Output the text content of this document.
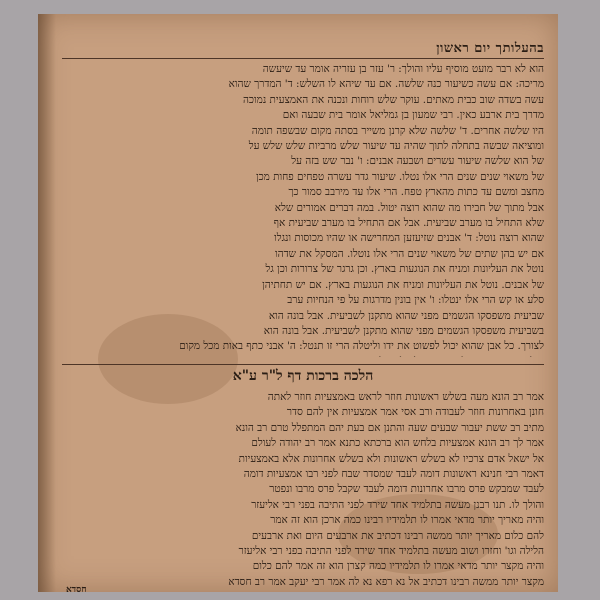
בהעלותך יום ראשון
הוא לא רבר מועט מוסיף עליו והולך: ר' עזר בן עזריה אומר עד שיעשה
מריכה: אם עשה כשיעור כנה שלשה. אם עד שיהא לו השלש: ד' המדרך שהוא
עשה בשדה שוב כבית מאתים. עוקר שלש רוחות ונכנה את האמצעית נמוכה
מדרך בית ארבע כאין. רבי שמעון בן גמליאל אומר בית שבעה ואם
היו שלשה אחרים. ד' שלשה שלא קרנן משייר בסתה מקום שבשפה תומה
ומוציאה שבשה בתחלה לתוך שהיה עד שיעור שלש מרביות שלש שלש על
של הוא שלשה שיעור עשרים ושבעה אבנים: ו' נבר שש בזה על
של משאוי שנים שנים הרי אלו נטלו. שיעור גדר עשרה טפחים פחות מכן
מחצב ומשם עד כתות מהארץ טפח. הרי אלו עד מירבב סמור כך
אבל מתוך של חבירו מה שהוא רוצה יטול. במה דברים אמורים שלא
שלא התחיל בו מערב שביעית. אבל אם התחיל בו מערב שביעית אף
שהוא רוצה נוטל: ד' אבנים שזיעזען המחרישה או שהיו מכוסות ונגלו
אם יש בהן שתים של משאוי שנים הרי אלו נוטלו. המסקל את שדהו
נוטל את העליונות ומניח את הנוגעות בארץ. וכן גרגר של צרורות וכן גל
של אבנים. נוטל את העליונות ומניח את הנוגעות בארץ. אם יש תחתיהן
סלע או קש הרי אלו ינטלו: ו' אין בונין מדרגות על פי הנחיות ערב
שביעית משפסקו הגשמים מפני שהוא מתקנן לשביעית. אבל בונה הוא
בשביעית משפסקו הגשמים מפני שהוא מתקנן לשביעית. אבל בונה הוא
לצורך. כל אבן שהוא יכול לפשוט את ידו וליטלה הרי זו תנטל: ה' אבני כתף באות מכל מקום
הלכה ברכות דף ל"ר ע"א
אמר רב הונא מעה בשלש ראשונות חוזר לראש באמצעיות חוזר לאתה
חונן באחרונות חוזר לעבודה ורב אסי אמר אמצעיות אין להם סדר
מתיב רב ששת יעבור שבעים שעה והתנן אם בעת יהם המתפלל טרם רב הונא
אמר לך רב הונא אמצעיות בלחש הוא ברכתא כתנא אמר רב יהודה לעולם
אל ישאל אדם צרכיו לא בשלש ראשונות ולא בשלש אחרונות אלא באמצעיות
דאמר רבי חנינא ראשונות דומה לעבד שמסדר שבח לפני רבו אמצעיות דומה
לעבד שמבקש פרס מרבו אחרונות דומה לעבד שקבל פרס מרבו ונפטר
והולך לו. תנו רבנן מעשה בתלמיד אחד שירד לפני התיבה בפני רבי אליעזר
והיה מאריך יותר מדאי אמרו לו תלמידיו רבינו כמה ארכן הוא זה אמר
להם כלום מאריך יותר ממשה רבינו דכתיב את ארבעים היום ואת ארבעים
הלילה וגו' וחזרו ושוב מעשה בתלמיד אחד שירד לפני התיבה בפני רבי אליעזר
והיה מקצר יותר מדאי אמרו לו תלמידיו כמה קצרן הוא זה אמר להם כלום
מקצר יותר ממשה רבינו דכתיב אל נא רפא נא לה אמר רבי יעקב אמר רב חסדא
חסדא
